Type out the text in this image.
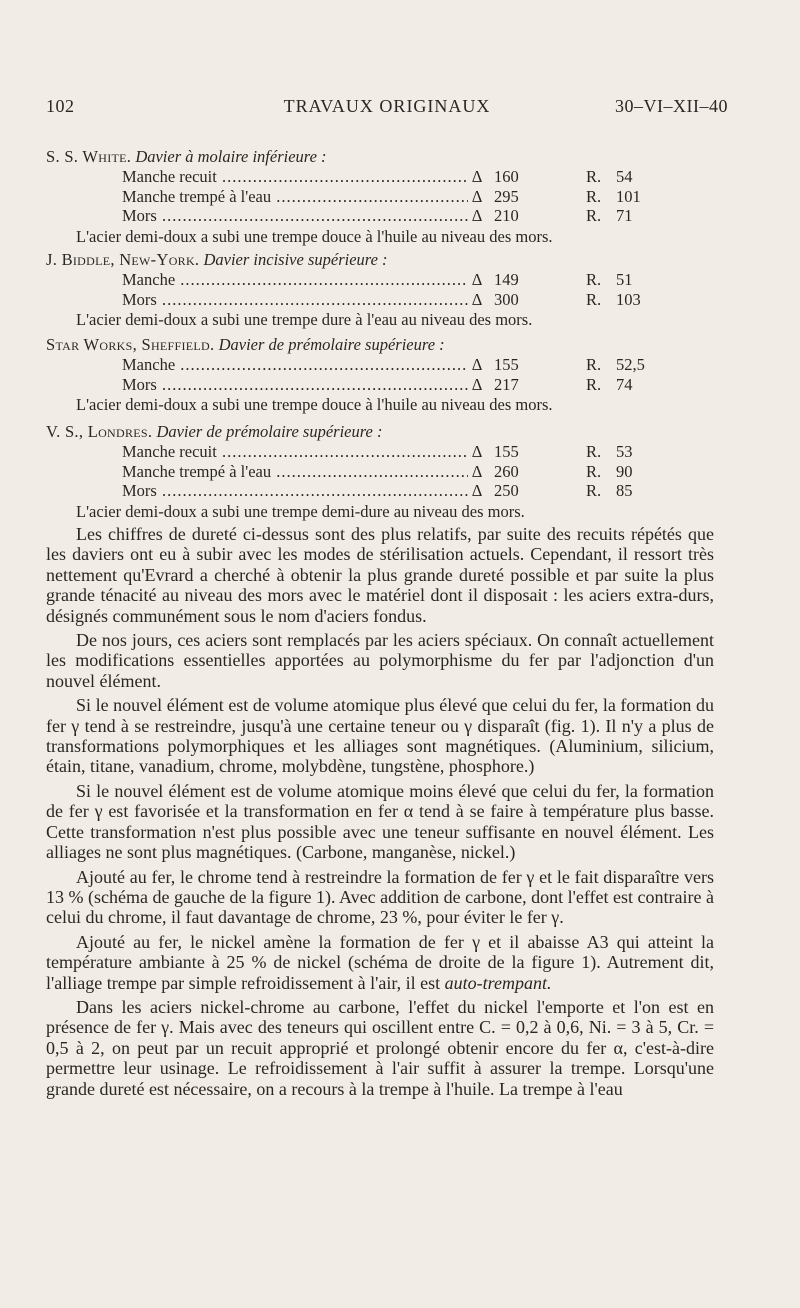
102	TRAVAUX ORIGINAUX	30–VI–XII–40
S. S. White. Davier à molaire inférieure :
Manche recuit .....	Δ 160	R. 54
Manche trempé à l'eau .....	Δ 295	R. 101
Mors .....	Δ 210	R. 71
L'acier demi-doux a subi une trempe douce à l'huile au niveau des mors.
J. Biddle, New-York. Davier incisive supérieure :
Manche .....	Δ 149	R. 51
Mors .....	Δ 300	R. 103
L'acier demi-doux a subi une trempe dure à l'eau au niveau des mors.
Star Works, Sheffield. Davier de prémolaire supérieure :
Manche .....	Δ 155	R. 52,5
Mors .....	Δ 217	R. 74
L'acier demi-doux a subi une trempe douce à l'huile au niveau des mors.
V. S., Londres. Davier de prémolaire supérieure :
Manche recuit .....	Δ 155	R. 53
Manche trempé à l'eau .....	Δ 260	R. 90
Mors .....	Δ 250	R. 85
L'acier demi-doux a subi une trempe demi-dure au niveau des mors.

Les chiffres de dureté ci-dessus sont des plus relatifs, par suite des recuits répétés que les daviers ont eu à subir avec les modes de stérilisation actuels. Cependant, il ressort très nettement qu'Evrard a cherché à obtenir la plus grande dureté possible et par suite la plus grande ténacité au niveau des mors avec le matériel dont il disposait : les aciers extra-durs, désignés communément sous le nom d'aciers fondus.

De nos jours, ces aciers sont remplacés par les aciers spéciaux. On connaît actuellement les modifications essentielles apportées au polymorphisme du fer par l'adjonction d'un nouvel élément.

Si le nouvel élément est de volume atomique plus élevé que celui du fer, la formation du fer γ tend à se restreindre, jusqu'à une certaine teneur ou γ disparaît (fig. 1). Il n'y a plus de transformations polymorphiques et les alliages sont magnétiques. (Aluminium, silicium, étain, titane, vanadium, chrome, molybdène, tungstène, phosphore.)

Si le nouvel élément est de volume atomique moins élevé que celui du fer, la formation de fer γ est favorisée et la transformation en fer α tend à se faire à température plus basse. Cette transformation n'est plus possible avec une teneur suffisante en nouvel élément. Les alliages ne sont plus magnétiques. (Carbone, manganèse, nickel.)

Ajouté au fer, le chrome tend à restreindre la formation de fer γ et le fait disparaître vers 13 % (schéma de gauche de la figure 1). Avec addition de carbone, dont l'effet est contraire à celui du chrome, il faut davantage de chrome, 23 %, pour éviter le fer γ.

Ajouté au fer, le nickel amène la formation de fer γ et il abaisse A3 qui atteint la température ambiante à 25 % de nickel (schéma de droite de la figure 1). Autrement dit, l'alliage trempe par simple refroidissement à l'air, il est auto-trempant.

Dans les aciers nickel-chrome au carbone, l'effet du nickel l'emporte et l'on est en présence de fer γ. Mais avec des teneurs qui oscillent entre C. = 0,2 à 0,6, Ni. = 3 à 5, Cr. = 0,5 à 2, on peut par un recuit approprié et prolongé obtenir encore du fer α, c'est-à-dire permettre leur usinage. Le refroidissement à l'air suffit à assurer la trempe. Lorsqu'une grande dureté est nécessaire, on a recours à la trempe à l'huile. La trempe à l'eau
